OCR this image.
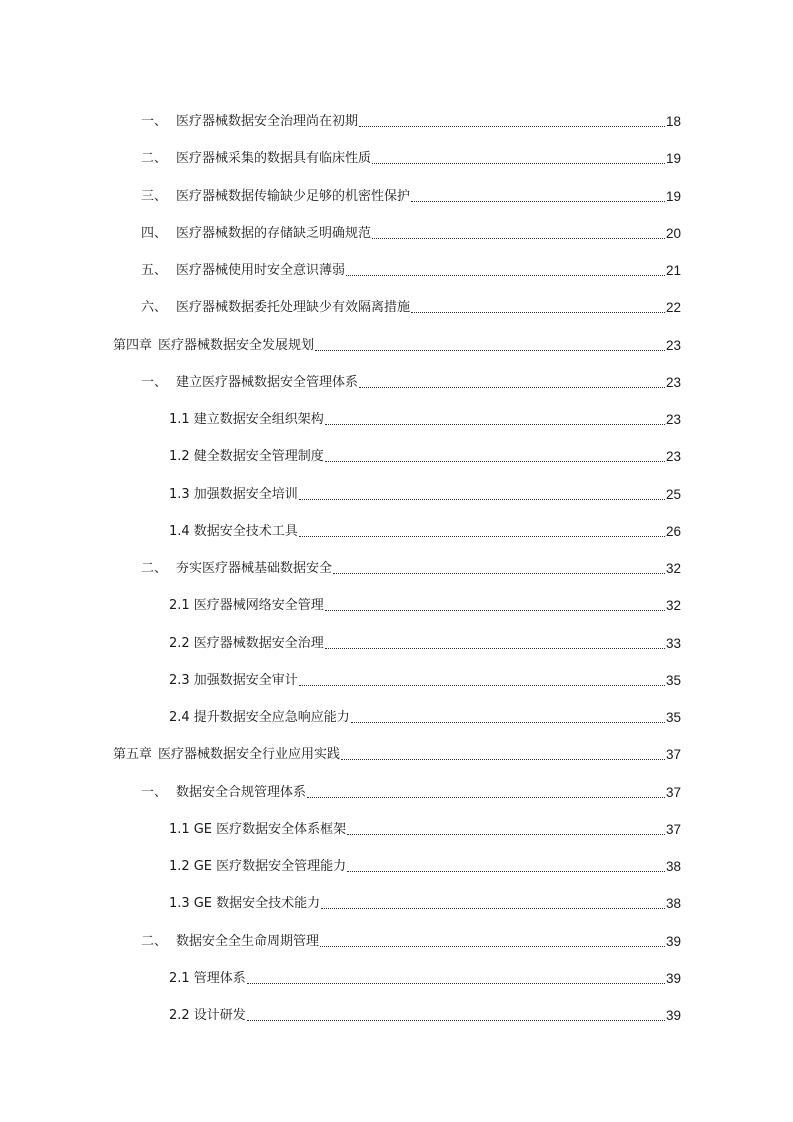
一、 医疗器械数据安全治理尚在初期	18
二、 医疗器械采集的数据具有临床性质	19
三、 医疗器械数据传输缺少足够的机密性保护	19
四、 医疗器械数据的存储缺乏明确规范	20
五、 医疗器械使用时安全意识薄弱	21
六、 医疗器械数据委托处理缺少有效隔离措施	22
第四章 医疗器械数据安全发展规划	23
一、 建立医疗器械数据安全管理体系	23
1.1 建立数据安全组织架构	23
1.2 健全数据安全管理制度	23
1.3 加强数据安全培训	25
1.4 数据安全技术工具	26
二、 夯实医疗器械基础数据安全	32
2.1 医疗器械网络安全管理	32
2.2 医疗器械数据安全治理	33
2.3 加强数据安全审计	35
2.4 提升数据安全应急响应能力	35
第五章 医疗器械数据安全行业应用实践	37
一、 数据安全合规管理体系	37
1.1 GE 医疗数据安全体系框架	37
1.2 GE 医疗数据安全管理能力	38
1.3 GE 数据安全技术能力	38
二、 数据安全全生命周期管理	39
2.1 管理体系	39
2.2 设计研发	39
